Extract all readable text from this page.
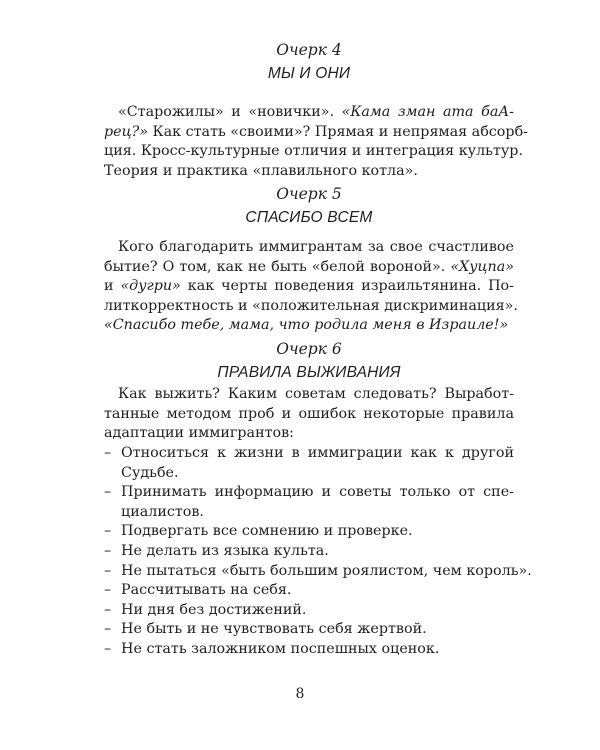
Очерк 4

МЫ И ОНИ

«Старожилы» и «новички». «Кама зман ата баА-
рец?» Как стать «своими»? Прямая и непрямая абсорб-
ция. Кросс-культурные отличия и интеграция культур.
Теория и практика «плавильного котла».

Очерк 5

СПАСИБО ВСЕМ

Кого благодарить иммигрантам за свое счастливое
бытие? О том, как не быть «белой вороной». «Хуцпа»
и «дугри» как черты поведения израильтянина. По-
литкорректность и «положительная дискриминация».
«Спасибо тебе, мама, что родила меня в Израиле!»

Очерк 6

ПРАВИЛА ВЫЖИВАНИЯ

Как выжить? Каким советам следовать? Выработ-
танные методом проб и ошибок некоторые правила
адаптации иммигрантов:
– Относиться к жизни в иммиграции как к другой
Судьбе.
– Принимать информацию и советы только от спе-
циалистов.
– Подвергать все сомнению и проверке.
– Не делать из языка культа.
– Не пытаться «быть большим роялистом, чем король».
– Рассчитывать на себя.
– Ни дня без достижений.
– Не быть и не чувствовать себя жертвой.
– Не стать заложником поспешных оценок.
8
